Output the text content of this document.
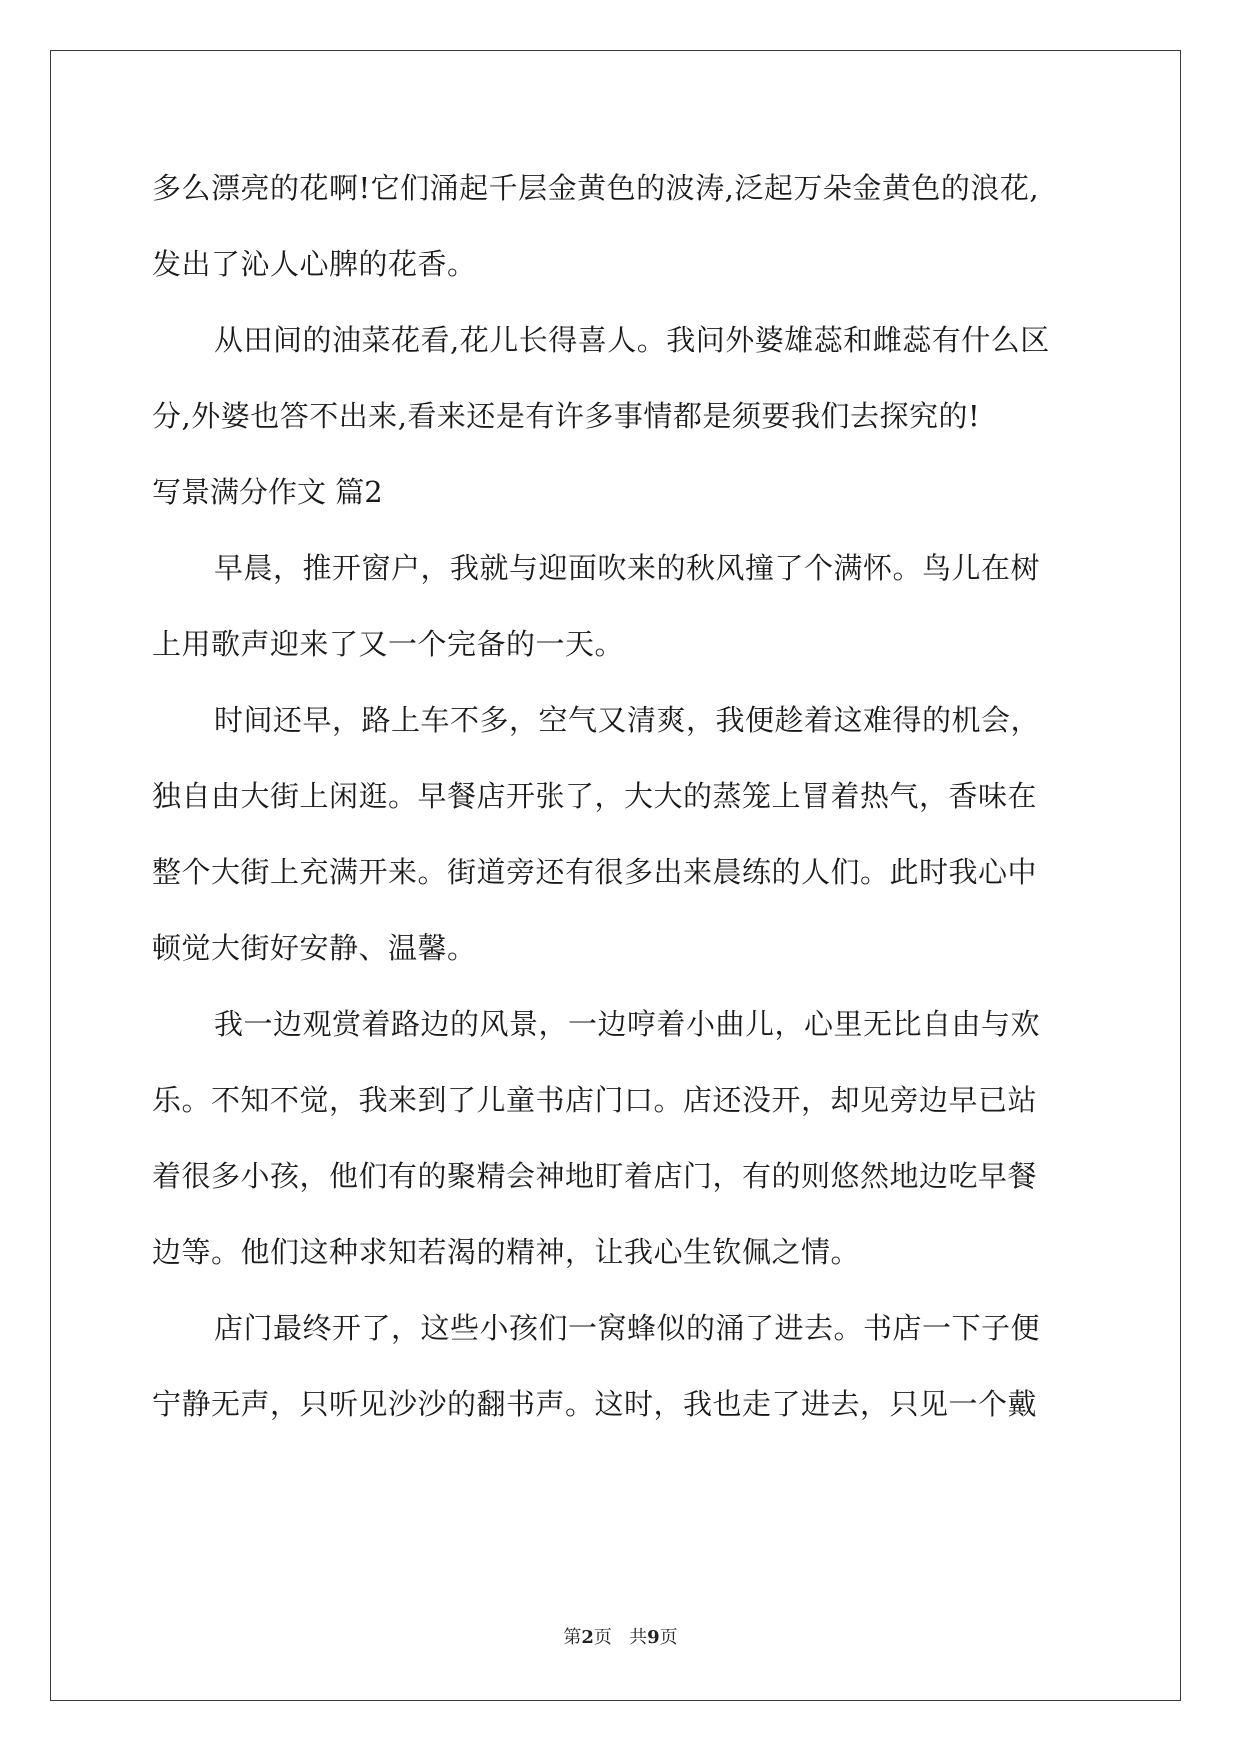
多么漂亮的花啊!它们涌起千层金黄色的波涛,泛起万朵金黄色的浪花,
发出了沁人心脾的花香。
从田间的油菜花看,花儿长得喜人。我问外婆雄蕊和雌蕊有什么区
分,外婆也答不出来,看来还是有许多事情都是须要我们去探究的!
写景满分作文 篇2
早晨，推开窗户，我就与迎面吹来的秋风撞了个满怀。鸟儿在树
上用歌声迎来了又一个完备的一天。
时间还早，路上车不多，空气又清爽，我便趁着这难得的机会，
独自由大街上闲逛。早餐店开张了，大大的蒸笼上冒着热气，香味在
整个大街上充满开来。街道旁还有很多出来晨练的人们。此时我心中
顿觉大街好安静、温馨。
我一边观赏着路边的风景，一边哼着小曲儿，心里无比自由与欢
乐。不知不觉，我来到了儿童书店门口。店还没开，却见旁边早已站
着很多小孩，他们有的聚精会神地盯着店门，有的则悠然地边吃早餐
边等。他们这种求知若渴的精神，让我心生钦佩之情。
店门最终开了，这些小孩们一窝蜂似的涌了进去。书店一下子便
宁静无声，只听见沙沙的翻书声。这时，我也走了进去，只见一个戴
第2页 共9页
